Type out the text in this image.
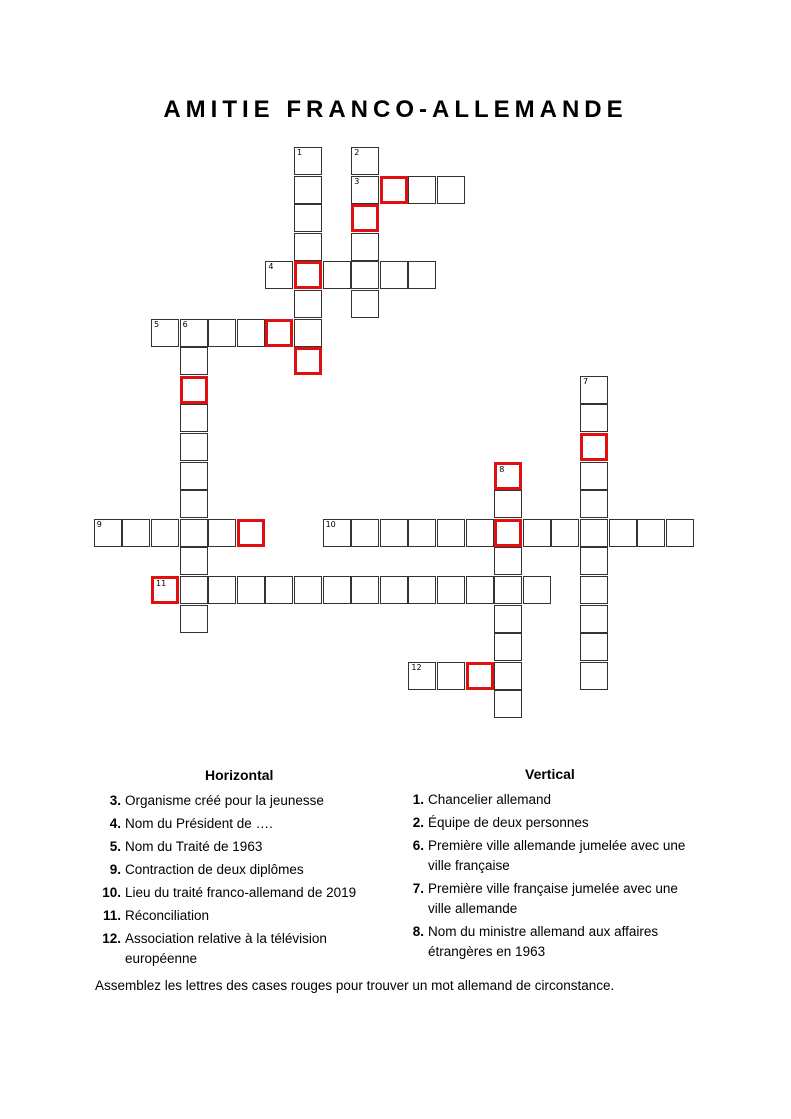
AMITIE FRANCO-ALLEMANDE
1	2
3
4
5	6
7
8
9	10
11
12
Horizontal
3. Organisme créé pour la jeunesse
4. Nom du Président de ….
5. Nom du Traité de 1963
9. Contraction de deux diplômes
10. Lieu du traité franco-allemand de 2019
11. Réconciliation
12. Association relative à la télévision européenne
Vertical
1. Chancelier allemand
2. Équipe de deux personnes
6. Première ville allemande jumelée avec une ville française
7. Première ville française jumelée avec une ville allemande
8. Nom du ministre allemand aux affaires étrangères en 1963
Assemblez les lettres des cases rouges pour trouver un mot allemand de circonstance.
